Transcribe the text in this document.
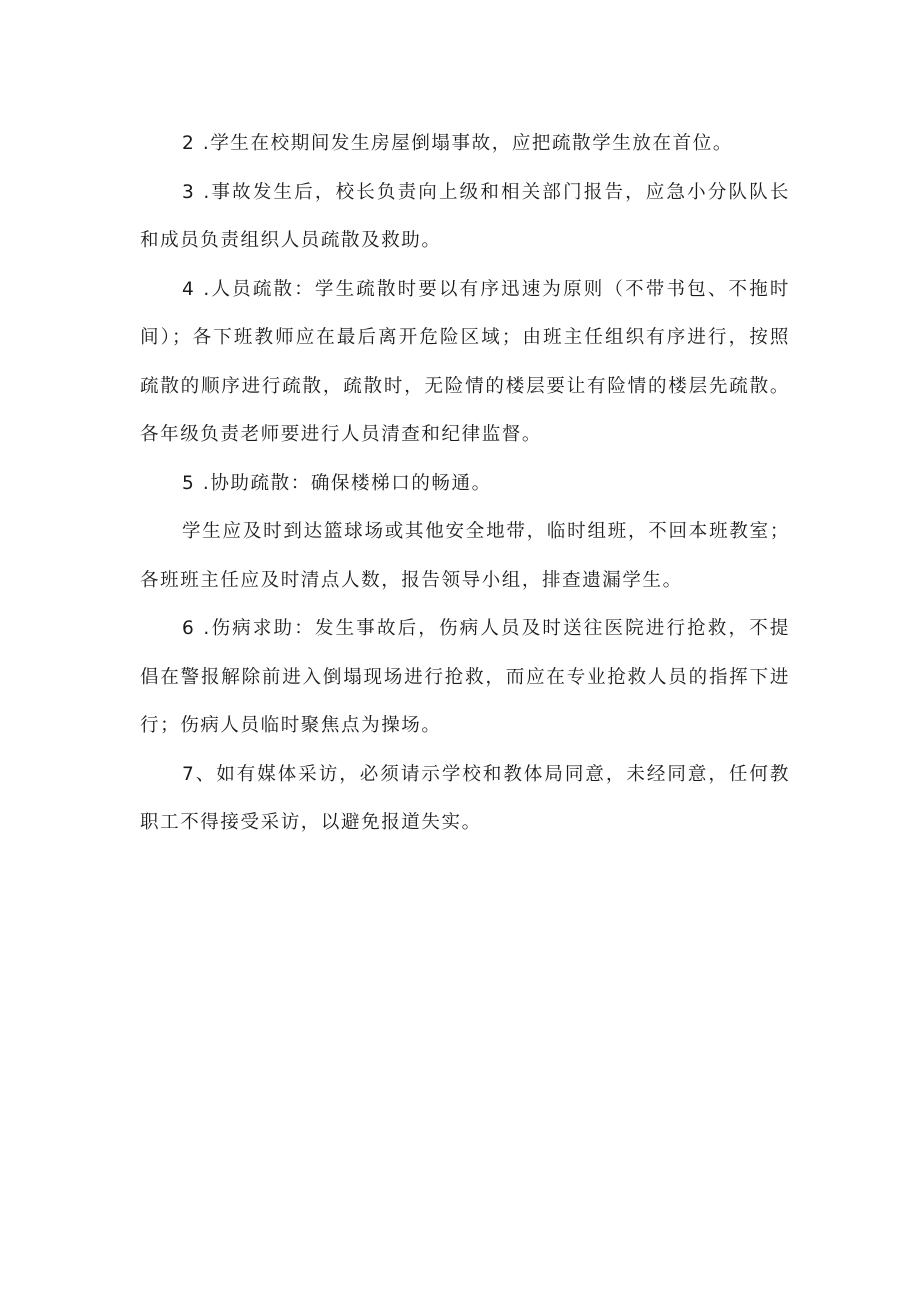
2 .学生在校期间发生房屋倒塌事故，应把疏散学生放在首位。

3 .事故发生后，校长负责向上级和相关部门报告，应急小分队队长和成员负责组织人员疏散及救助。

4 .人员疏散：学生疏散时要以有序迅速为原则（不带书包、不拖时间）；各下班教师应在最后离开危险区域；由班主任组织有序进行，按照疏散的顺序进行疏散，疏散时，无险情的楼层要让有险情的楼层先疏散。各年级负责老师要进行人员清查和纪律监督。

5 .协助疏散：确保楼梯口的畅通。

学生应及时到达篮球场或其他安全地带，临时组班，不回本班教室；各班班主任应及时清点人数，报告领导小组，排查遗漏学生。

6 .伤病求助：发生事故后，伤病人员及时送往医院进行抢救，不提倡在警报解除前进入倒塌现场进行抢救，而应在专业抢救人员的指挥下进行；伤病人员临时聚焦点为操场。

7、如有媒体采访，必须请示学校和教体局同意，未经同意，任何教职工不得接受采访，以避免报道失实。
